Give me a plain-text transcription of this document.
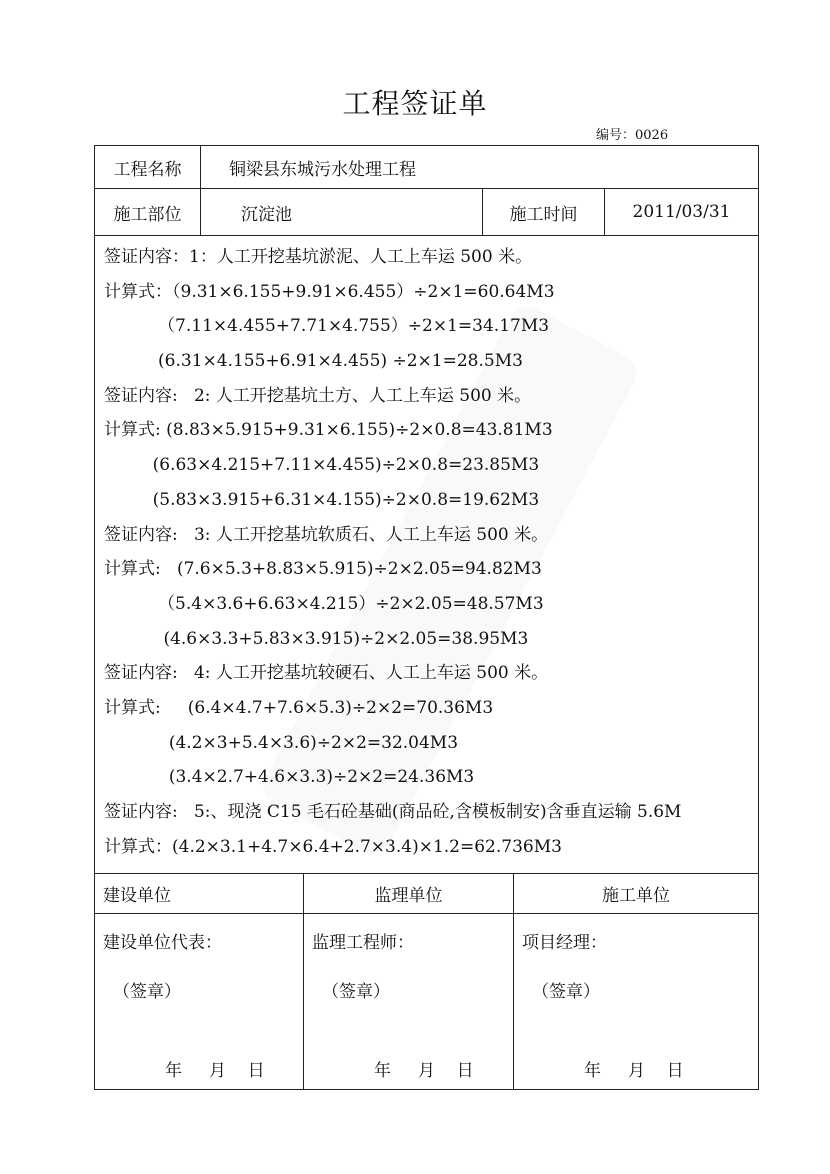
工程签证单
编号：0026
工程名称	铜梁县东城污水处理工程
施工部位	沉淀池	施工时间	2011/03/31
签证内容：1：人工开挖基坑淤泥、人工上车运 500 米。
计算式：（9.31×6.155+9.91×6.455）÷2×1=60.64M3
（7.11×4.455+7.71×4.755）÷2×1=34.17M3
(6.31×4.155+6.91×4.455) ÷2×1=28.5M3
签证内容:   2: 人工开挖基坑土方、人工上车运 500 米。
计算式: (8.83×5.915+9.31×6.155)÷2×0.8=43.81M3
(6.63×4.215+7.11×4.455)÷2×0.8=23.85M3
(5.83×3.915+6.31×4.155)÷2×0.8=19.62M3
签证内容:   3: 人工开挖基坑软质石、人工上车运 500 米。
计算式:   (7.6×5.3+8.83×5.915)÷2×2.05=94.82M3
（5.4×3.6+6.63×4.215）÷2×2.05=48.57M3
(4.6×3.3+5.83×3.915)÷2×2.05=38.95M3
签证内容:   4: 人工开挖基坑较硬石、人工上车运 500 米。
计算式:     (6.4×4.7+7.6×5.3)÷2×2=70.36M3
(4.2×3+5.4×3.6)÷2×2=32.04M3
(3.4×2.7+4.6×3.3)÷2×2=24.36M3
签证内容:   5:、现浇 C15 毛石砼基础(商品砼,含模板制安)含垂直运输 5.6M
计算式：(4.2×3.1+4.7×6.4+2.7×3.4)×1.2=62.736M3
建设单位	监理单位	施工单位
建设单位代表：
（签章）
年     月    日
监理工程师：
（签章）
年     月    日
项目经理：
（签章）
年     月    日
